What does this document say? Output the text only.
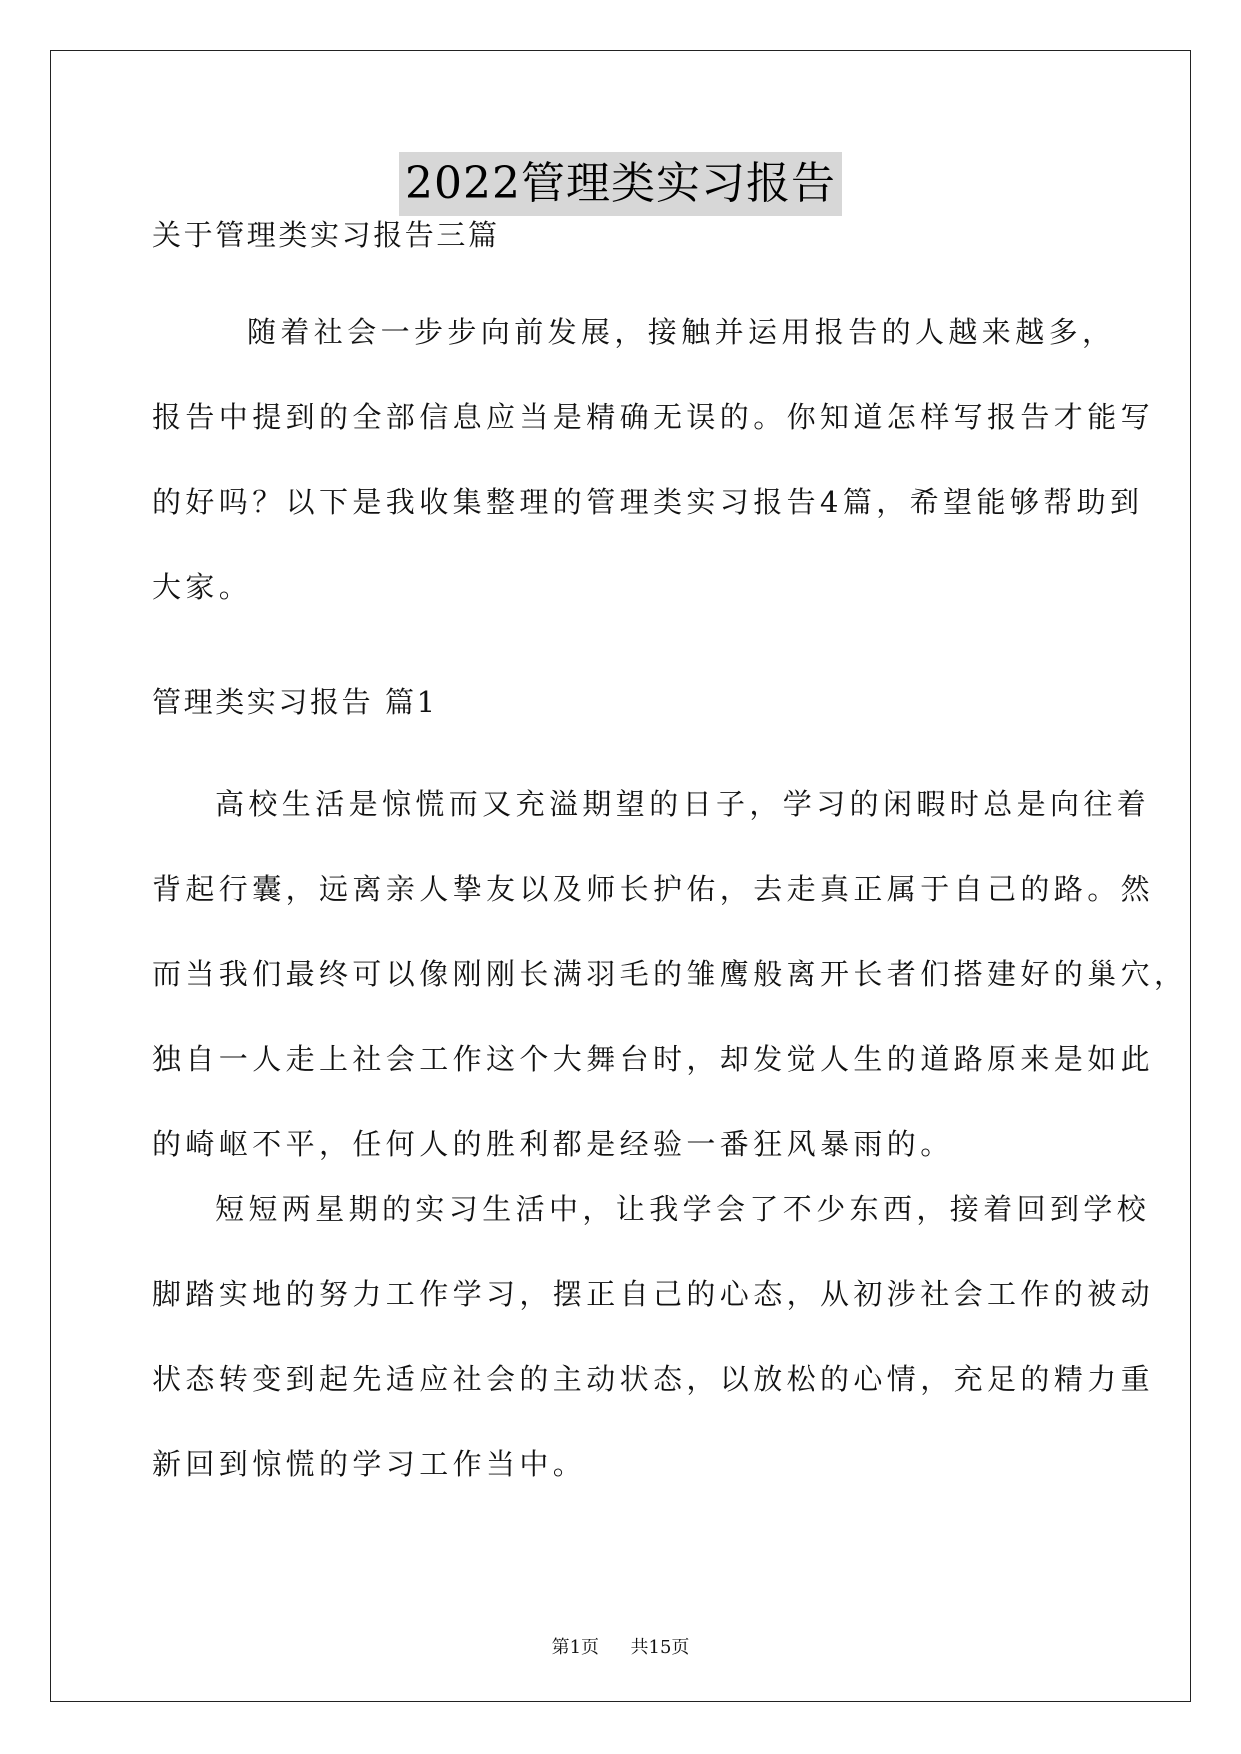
2022管理类实习报告
关于管理类实习报告三篇
随着社会一步步向前发展，接触并运用报告的人越来越多，
报告中提到的全部信息应当是精确无误的。你知道怎样写报告才能写
的好吗？以下是我收集整理的管理类实习报告4篇，希望能够帮助到
大家。
管理类实习报告 篇1
高校生活是惊慌而又充溢期望的日子，学习的闲暇时总是向往着
背起行囊，远离亲人挚友以及师长护佑，去走真正属于自己的路。然
而当我们最终可以像刚刚长满羽毛的雏鹰般离开长者们搭建好的巢穴，
独自一人走上社会工作这个大舞台时，却发觉人生的道路原来是如此
的崎岖不平，任何人的胜利都是经验一番狂风暴雨的。
短短两星期的实习生活中，让我学会了不少东西，接着回到学校
脚踏实地的努力工作学习，摆正自己的心态，从初涉社会工作的被动
状态转变到起先适应社会的主动状态，以放松的心情，充足的精力重
新回到惊慌的学习工作当中。
第1页 共15页
